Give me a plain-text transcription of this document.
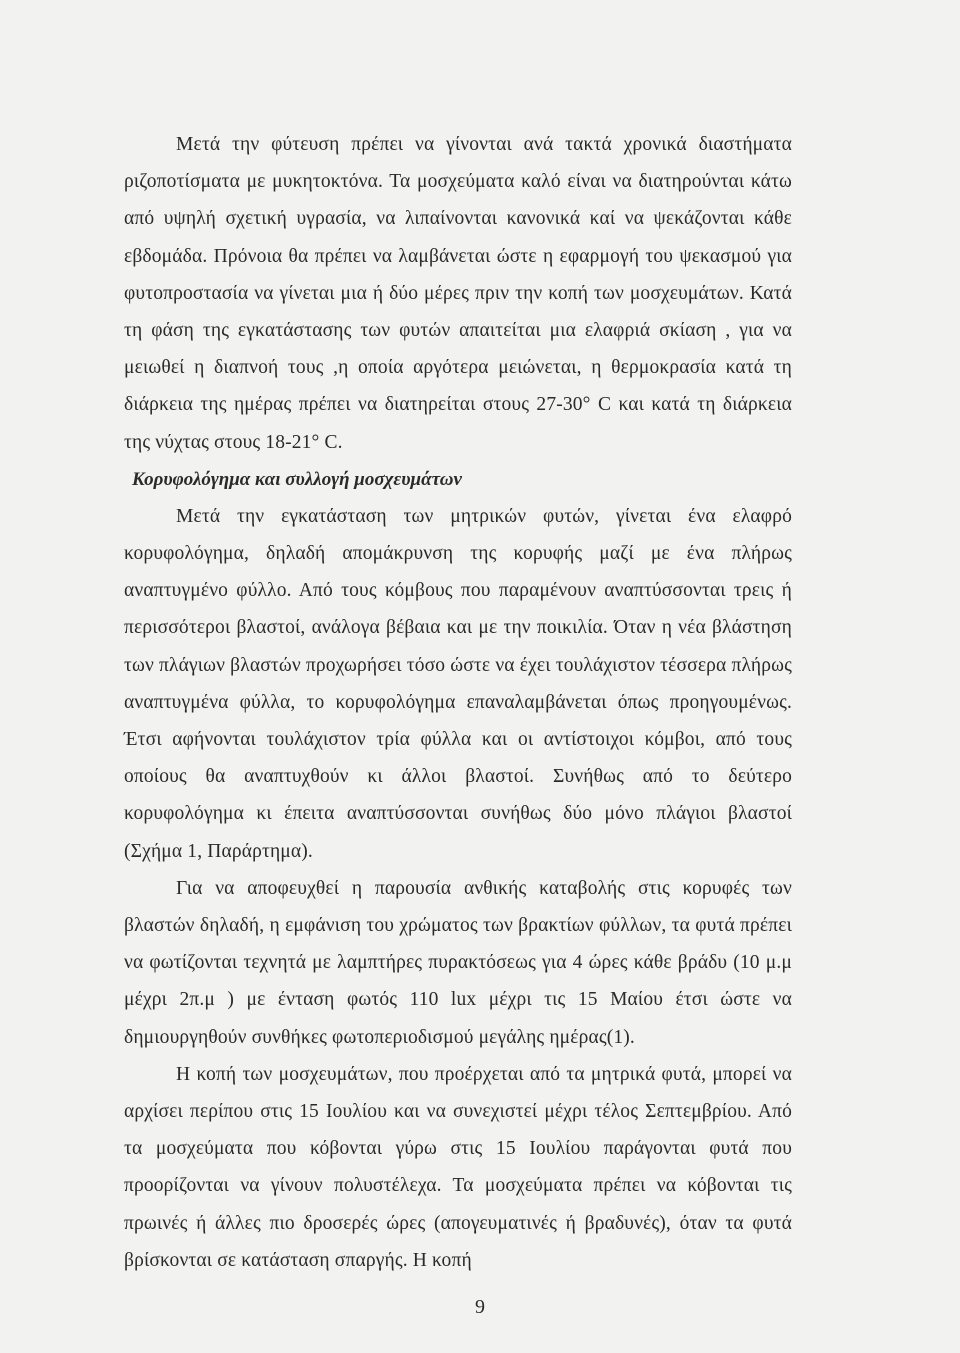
Μετά την φύτευση πρέπει να γίνονται ανά τακτά χρονικά διαστήματα ριζοποτίσματα με μυκητοκτόνα. Τα μοσχεύματα καλό είναι να διατηρούνται κάτω από υψηλή σχετική υγρασία, να λιπαίνονται κανονικά καί να ψεκάζονται κάθε εβδομάδα. Πρόνοια θα πρέπει να λαμβάνεται ώστε η εφαρμογή του ψεκασμού για φυτοπροστασία να γίνεται μια ή δύο μέρες πριν την κοπή των μοσχευμάτων. Κατά τη φάση της εγκατάστασης των φυτών απαιτείται μια ελαφριά σκίαση , για να μειωθεί η διαπνοή τους ,η οποία αργότερα μειώνεται, η θερμοκρασία κατά τη διάρκεια της ημέρας πρέπει να διατηρείται στους 27-30° C και κατά τη διάρκεια της νύχτας στους 18-21° C.

Κορυφολόγημα και συλλογή μοσχευμάτων

Μετά την εγκατάσταση των μητρικών φυτών, γίνεται ένα ελαφρό κορυφολόγημα, δηλαδή απομάκρυνση της κορυφής μαζί με ένα πλήρως αναπτυγμένο φύλλο. Από τους κόμβους που παραμένουν αναπτύσσονται τρεις ή περισσότεροι βλαστοί, ανάλογα βέβαια και με την ποικιλία. Όταν η νέα βλάστηση των πλάγιων βλαστών προχωρήσει τόσο ώστε να έχει τουλάχιστον τέσσερα πλήρως αναπτυγμένα φύλλα, το κορυφολόγημα επαναλαμβάνεται όπως προηγουμένως. Έτσι αφήνονται τουλάχιστον τρία φύλλα και οι αντίστοιχοι κόμβοι, από τους οποίους θα αναπτυχθούν κι άλλοι βλαστοί. Συνήθως από το δεύτερο κορυφολόγημα κι έπειτα αναπτύσσονται συνήθως δύο μόνο πλάγιοι βλαστοί (Σχήμα 1, Παράρτημα).

Για να αποφευχθεί η παρουσία ανθικής καταβολής στις κορυφές των βλαστών δηλαδή, η εμφάνιση του χρώματος των βρακτίων φύλλων, τα φυτά πρέπει να φωτίζονται τεχνητά με λαμπτήρες πυρακτόσεως για 4 ώρες κάθε βράδυ (10 μ.μ μέχρι 2π.μ ) με ένταση φωτός 110 lux μέχρι τις 15 Μαίου έτσι ώστε να δημιουργηθούν συνθήκες φωτοπεριοδισμού μεγάλης ημέρας(1).

Η κοπή των μοσχευμάτων, που προέρχεται από τα μητρικά φυτά, μπορεί να αρχίσει περίπου στις 15 Ιουλίου και να συνεχιστεί μέχρι τέλος Σεπτεμβρίου. Από τα μοσχεύματα που κόβονται γύρω στις 15 Ιουλίου παράγονται φυτά που προορίζονται να γίνουν πολυστέλεχα. Τα μοσχεύματα πρέπει να κόβονται τις πρωινές ή άλλες πιο δροσερές ώρες (απογευματινές ή βραδυνές), όταν τα φυτά βρίσκονται σε κατάσταση σπαργής. Η κοπή

9
